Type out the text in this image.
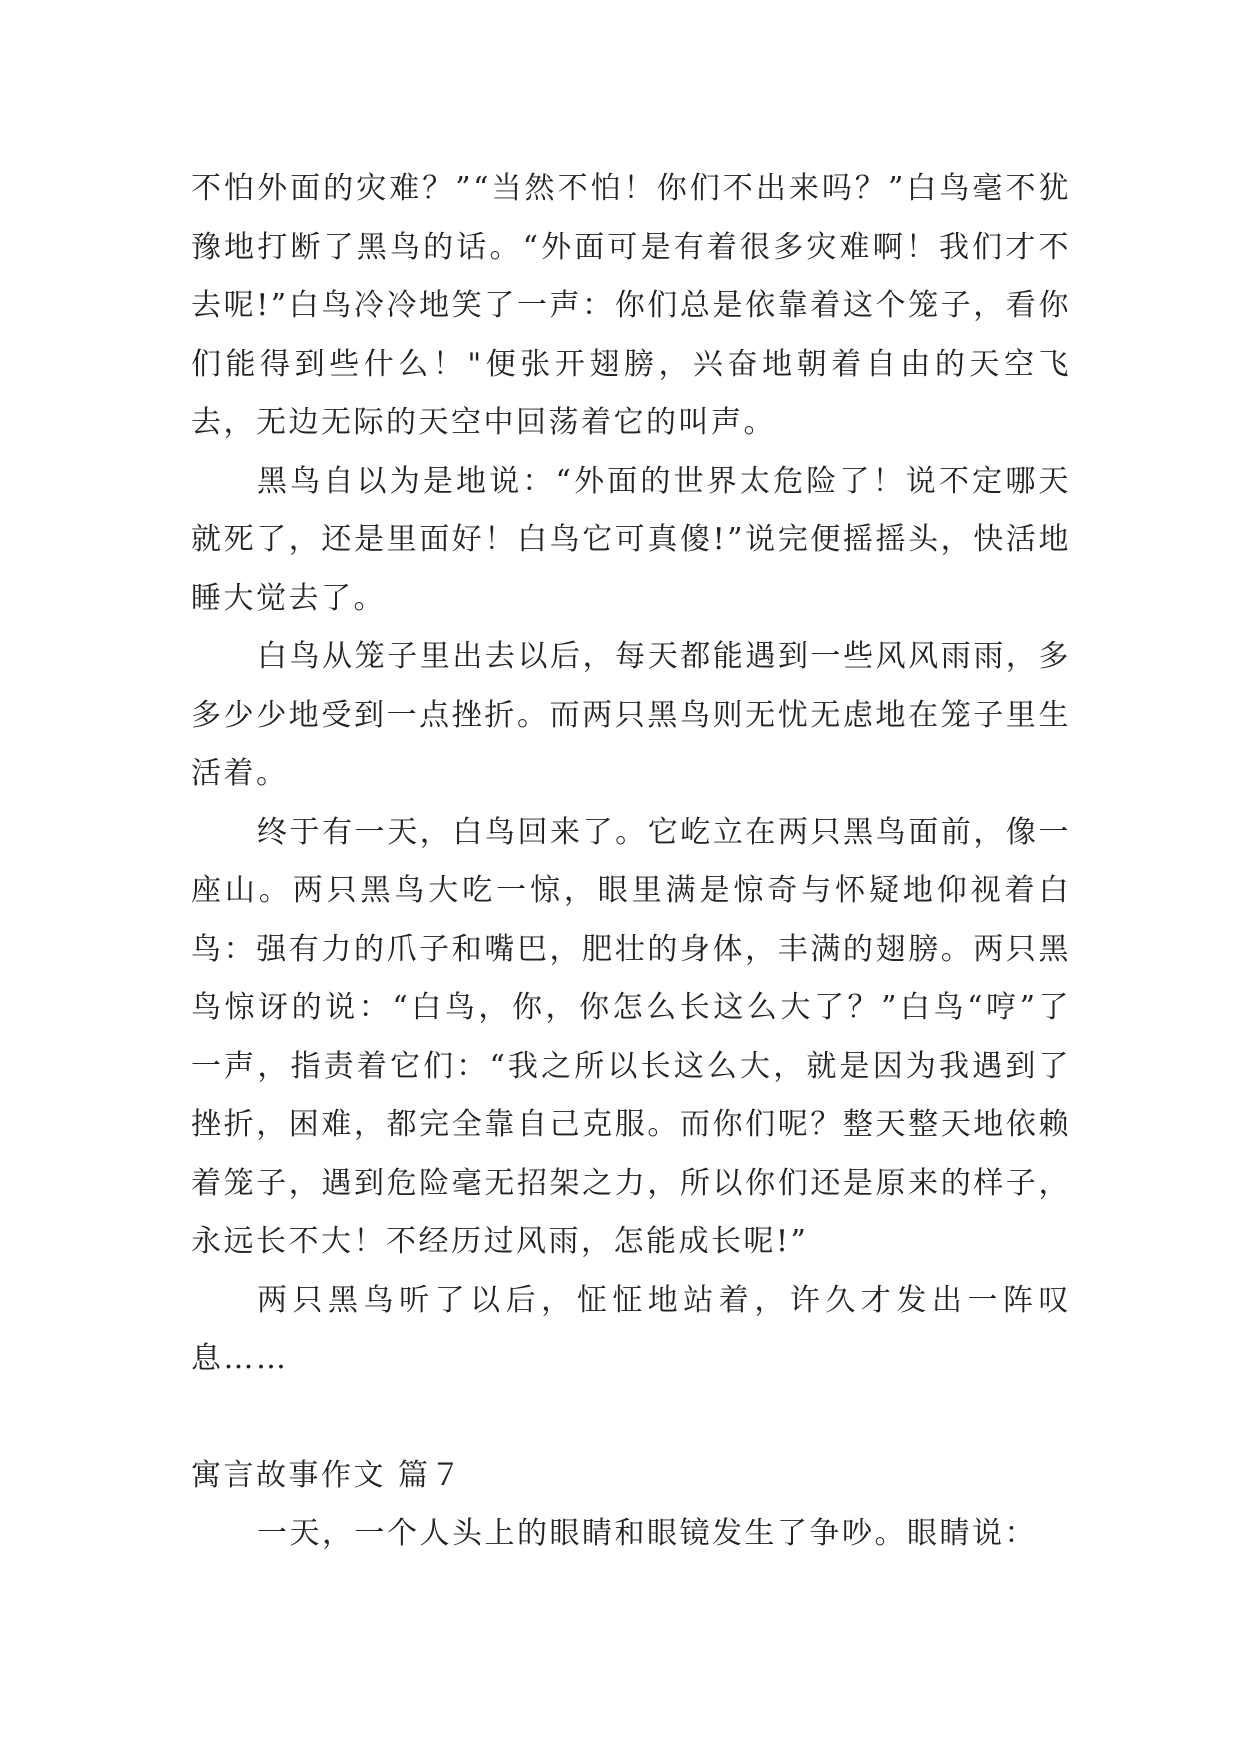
不怕外面的灾难？”“当然不怕！你们不出来吗？”白鸟毫不犹豫地打断了黑鸟的话。“外面可是有着很多灾难啊！我们才不去呢!”白鸟冷冷地笑了一声：你们总是依靠着这个笼子，看你们能得到些什么！"便张开翅膀，兴奋地朝着自由的天空飞去，无边无际的天空中回荡着它的叫声。

黑鸟自以为是地说：“外面的世界太危险了！说不定哪天就死了，还是里面好！白鸟它可真傻!”说完便摇摇头，快活地睡大觉去了。

白鸟从笼子里出去以后，每天都能遇到一些风风雨雨，多多少少地受到一点挫折。而两只黑鸟则无忧无虑地在笼子里生活着。

终于有一天，白鸟回来了。它屹立在两只黑鸟面前，像一座山。两只黑鸟大吃一惊，眼里满是惊奇与怀疑地仰视着白鸟：强有力的爪子和嘴巴，肥壮的身体，丰满的翅膀。两只黑鸟惊讶的说：“白鸟，你，你怎么长这么大了？”白鸟“哼”了一声，指责着它们：“我之所以长这么大，就是因为我遇到了挫折，困难，都完全靠自己克服。而你们呢？整天整天地依赖着笼子，遇到危险毫无招架之力，所以你们还是原来的样子，永远长不大！不经历过风雨，怎能成长呢!”

两只黑鸟听了以后，怔怔地站着，许久才发出一阵叹息……

寓言故事作文 篇７

一天，一个人头上的眼睛和眼镜发生了争吵。眼睛说：
